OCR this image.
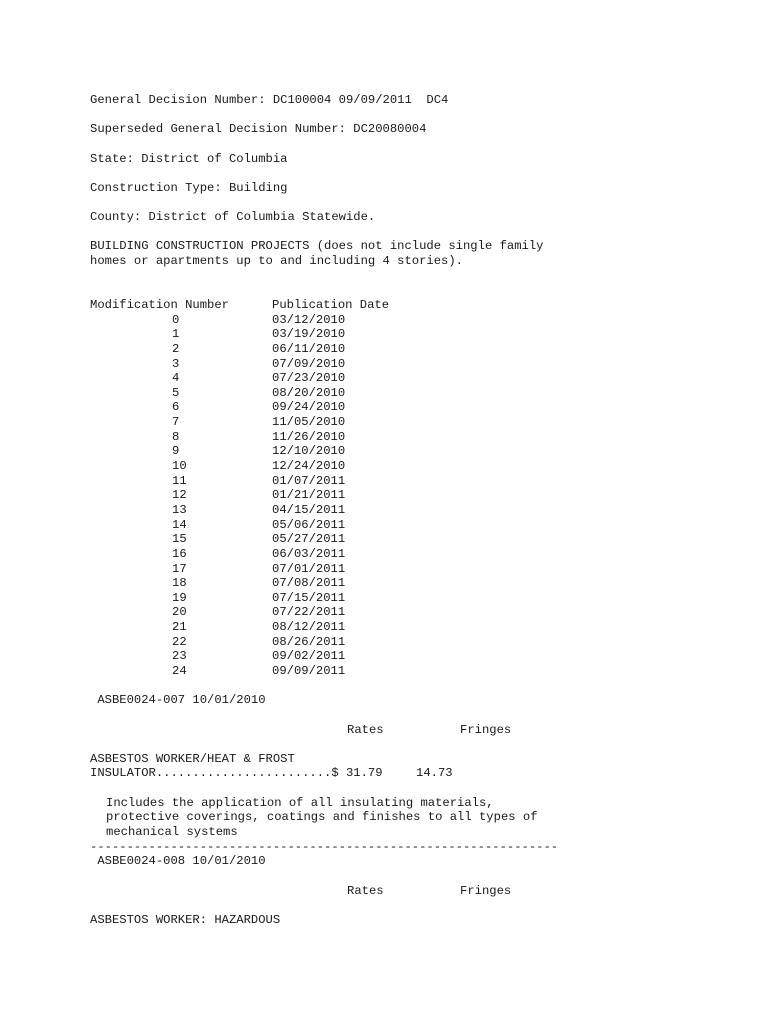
General Decision Number: DC100004 09/09/2011  DC4
Superseded General Decision Number: DC20080004
State: District of Columbia
Construction Type: Building
County: District of Columbia Statewide.
BUILDING CONSTRUCTION PROJECTS (does not include single family
homes or apartments up to and including 4 stories).
Modification Number	Publication Date
0	03/12/2010
1	03/19/2010
2	06/11/2010
3	07/09/2010
4	07/23/2010
5	08/20/2010
6	09/24/2010
7	11/05/2010
8	11/26/2010
9	12/10/2010
10	12/24/2010
11	01/07/2011
12	01/21/2011
13	04/15/2011
14	05/06/2011
15	05/27/2011
16	06/03/2011
17	07/01/2011
18	07/08/2011
19	07/15/2011
20	07/22/2011
21	08/12/2011
22	08/26/2011
23	09/02/2011
24	09/09/2011
ASBE0024-007 10/01/2010
Rates	Fringes
ASBESTOS WORKER/HEAT & FROST
INSULATOR........................$ 31.79	14.73
Includes the application of all insulating materials,
protective coverings, coatings and finishes to all types of
mechanical systems
----------------------------------------------------------------
ASBE0024-008 10/01/2010
Rates	Fringes
ASBESTOS WORKER: HAZARDOUS
